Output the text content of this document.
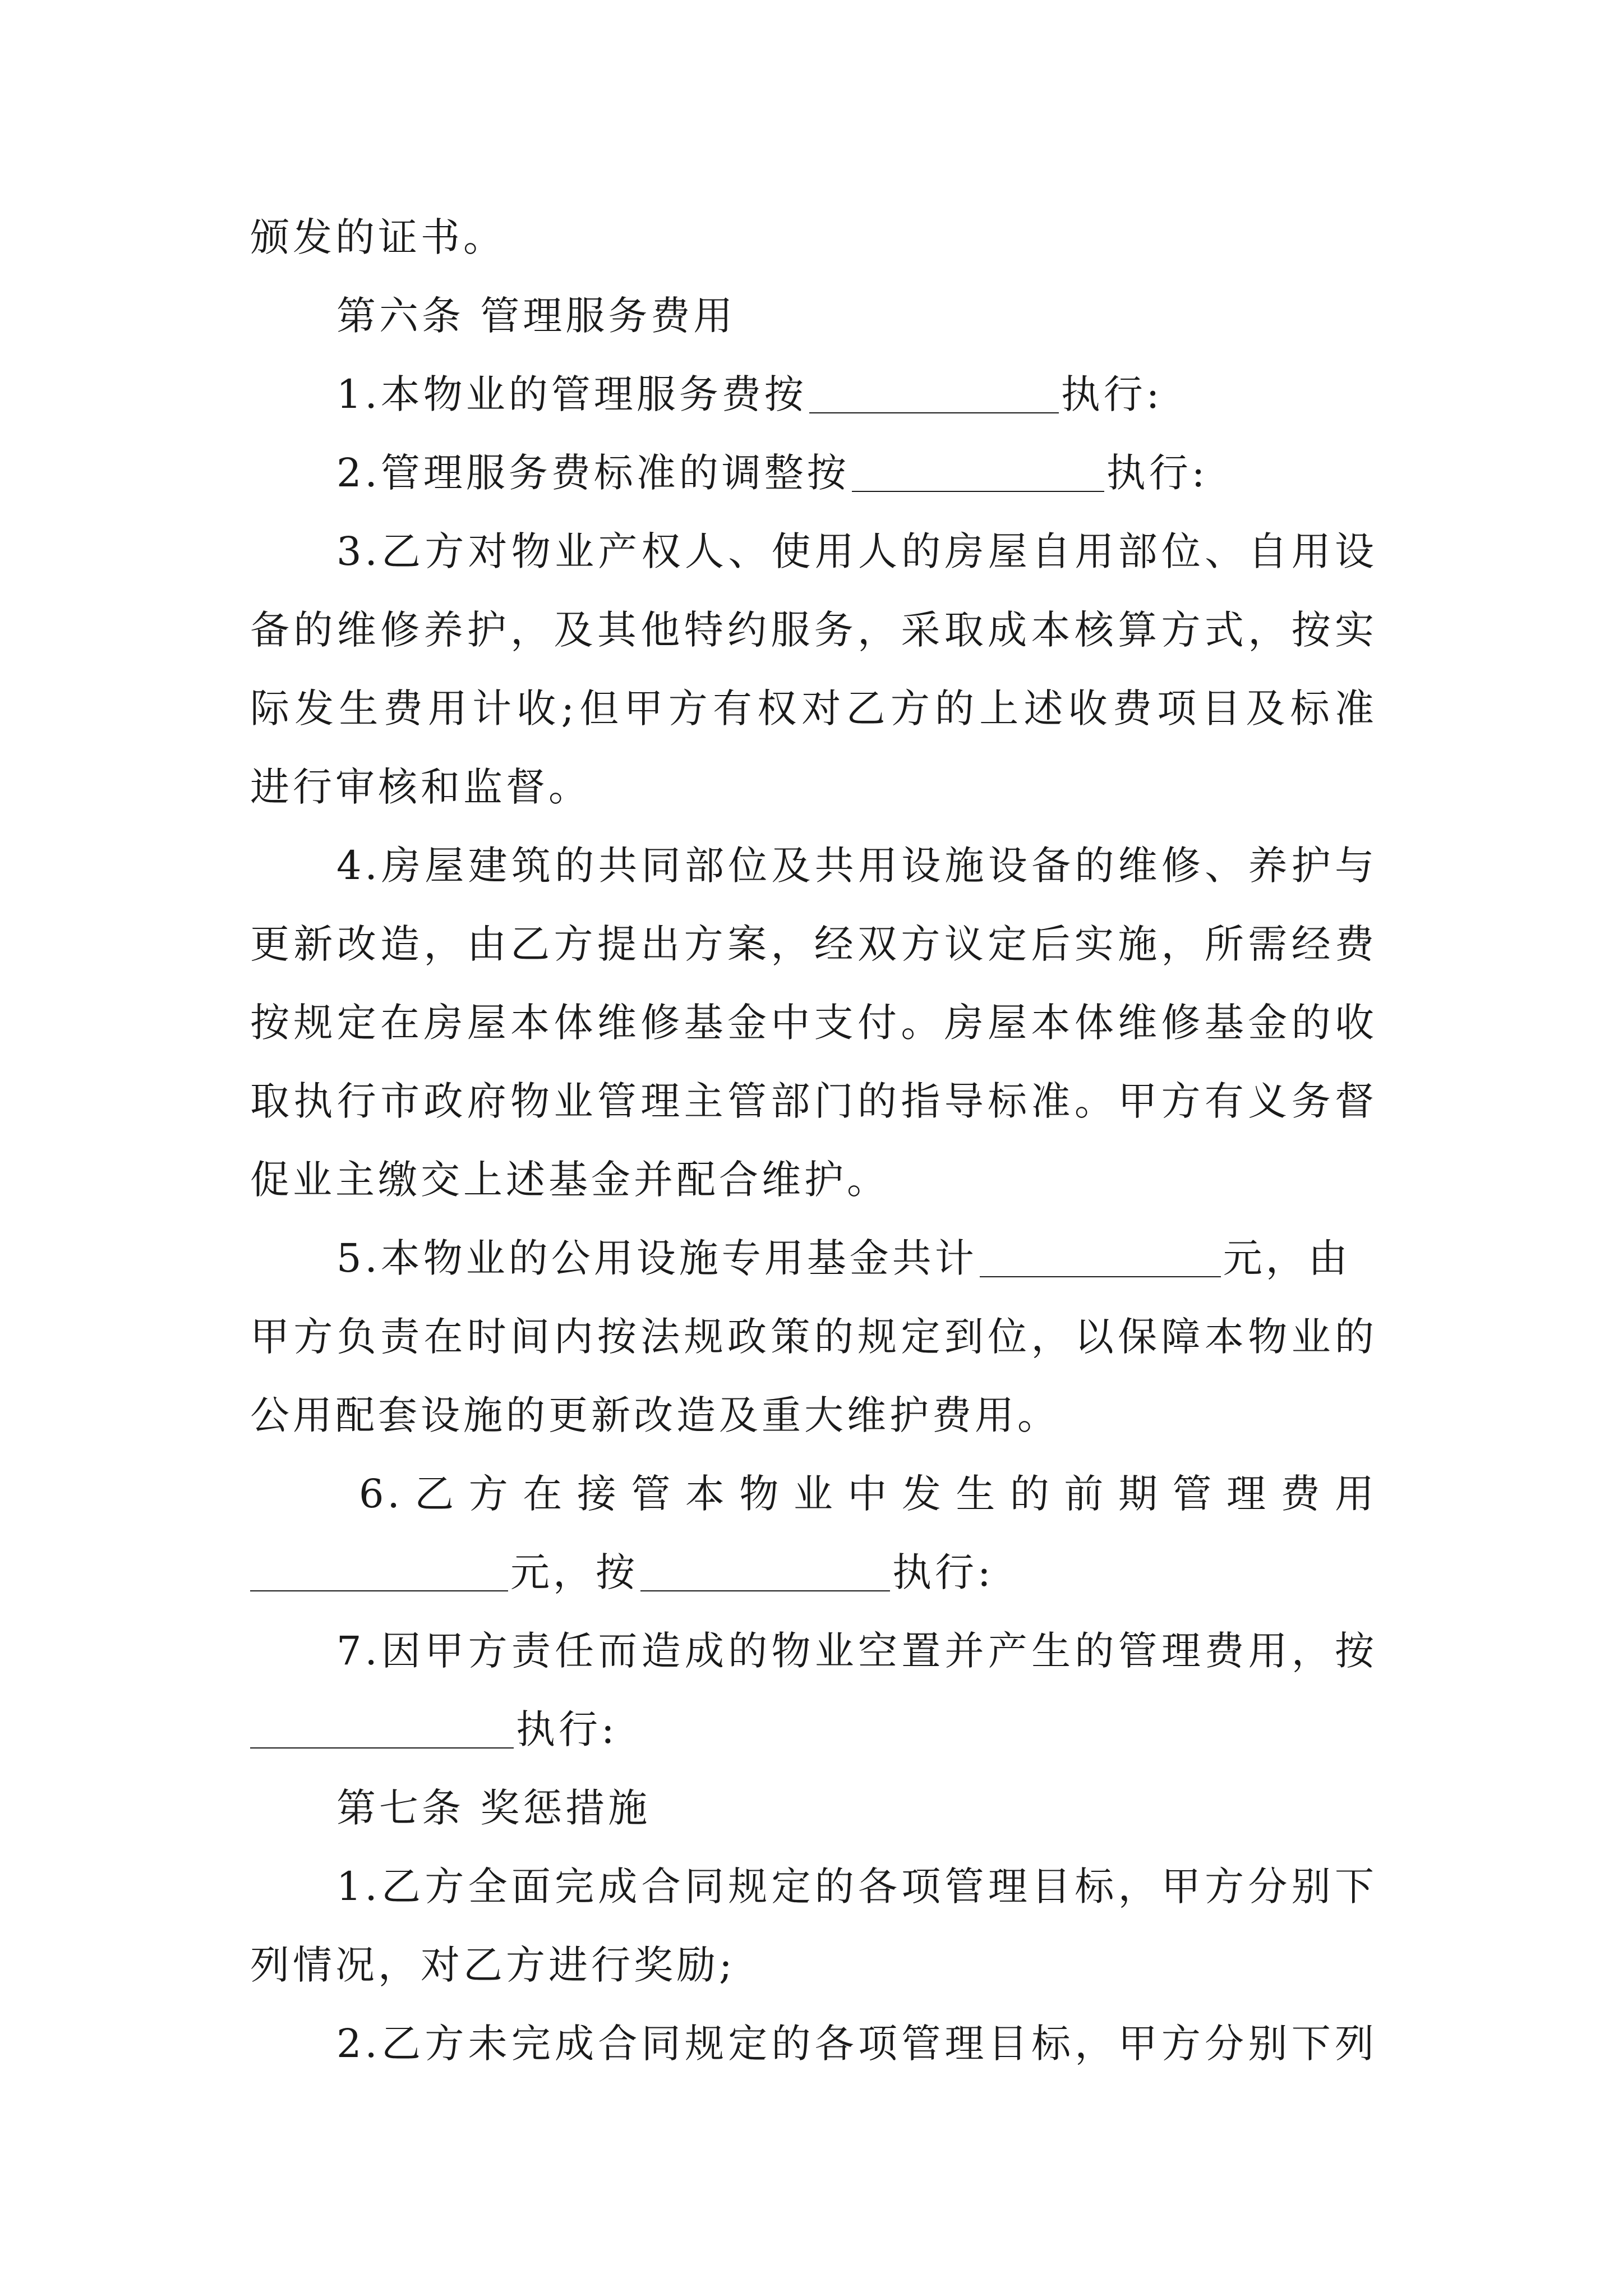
颁发的证书。
第六条 管理服务费用
1.本物业的管理服务费按	执行:
2.管理服务费标准的调整按	执行:
3.乙方对物业产权人、使用人的房屋自用部位、自用设
备的维修养护，及其他特约服务，采取成本核算方式，按实
际发生费用计收;但甲方有权对乙方的上述收费项目及标准
进行审核和监督。
4.房屋建筑的共同部位及共用设施设备的维修、养护与
更新改造，由乙方提出方案，经双方议定后实施，所需经费
按规定在房屋本体维修基金中支付。房屋本体维修基金的收
取执行市政府物业管理主管部门的指导标准。甲方有义务督
促业主缴交上述基金并配合维护。
5.本物业的公用设施专用基金共计	元，由
甲方负责在时间内按法规政策的规定到位，以保障本物业的
公用配套设施的更新改造及重大维护费用。
6.乙方在接管本物业中发生的前期管理费用
元，按	执行:
7.因甲方责任而造成的物业空置并产生的管理费用，按
执行:
第七条 奖惩措施
1.乙方全面完成合同规定的各项管理目标，甲方分别下
列情况，对乙方进行奖励;
2.乙方未完成合同规定的各项管理目标，甲方分别下列
